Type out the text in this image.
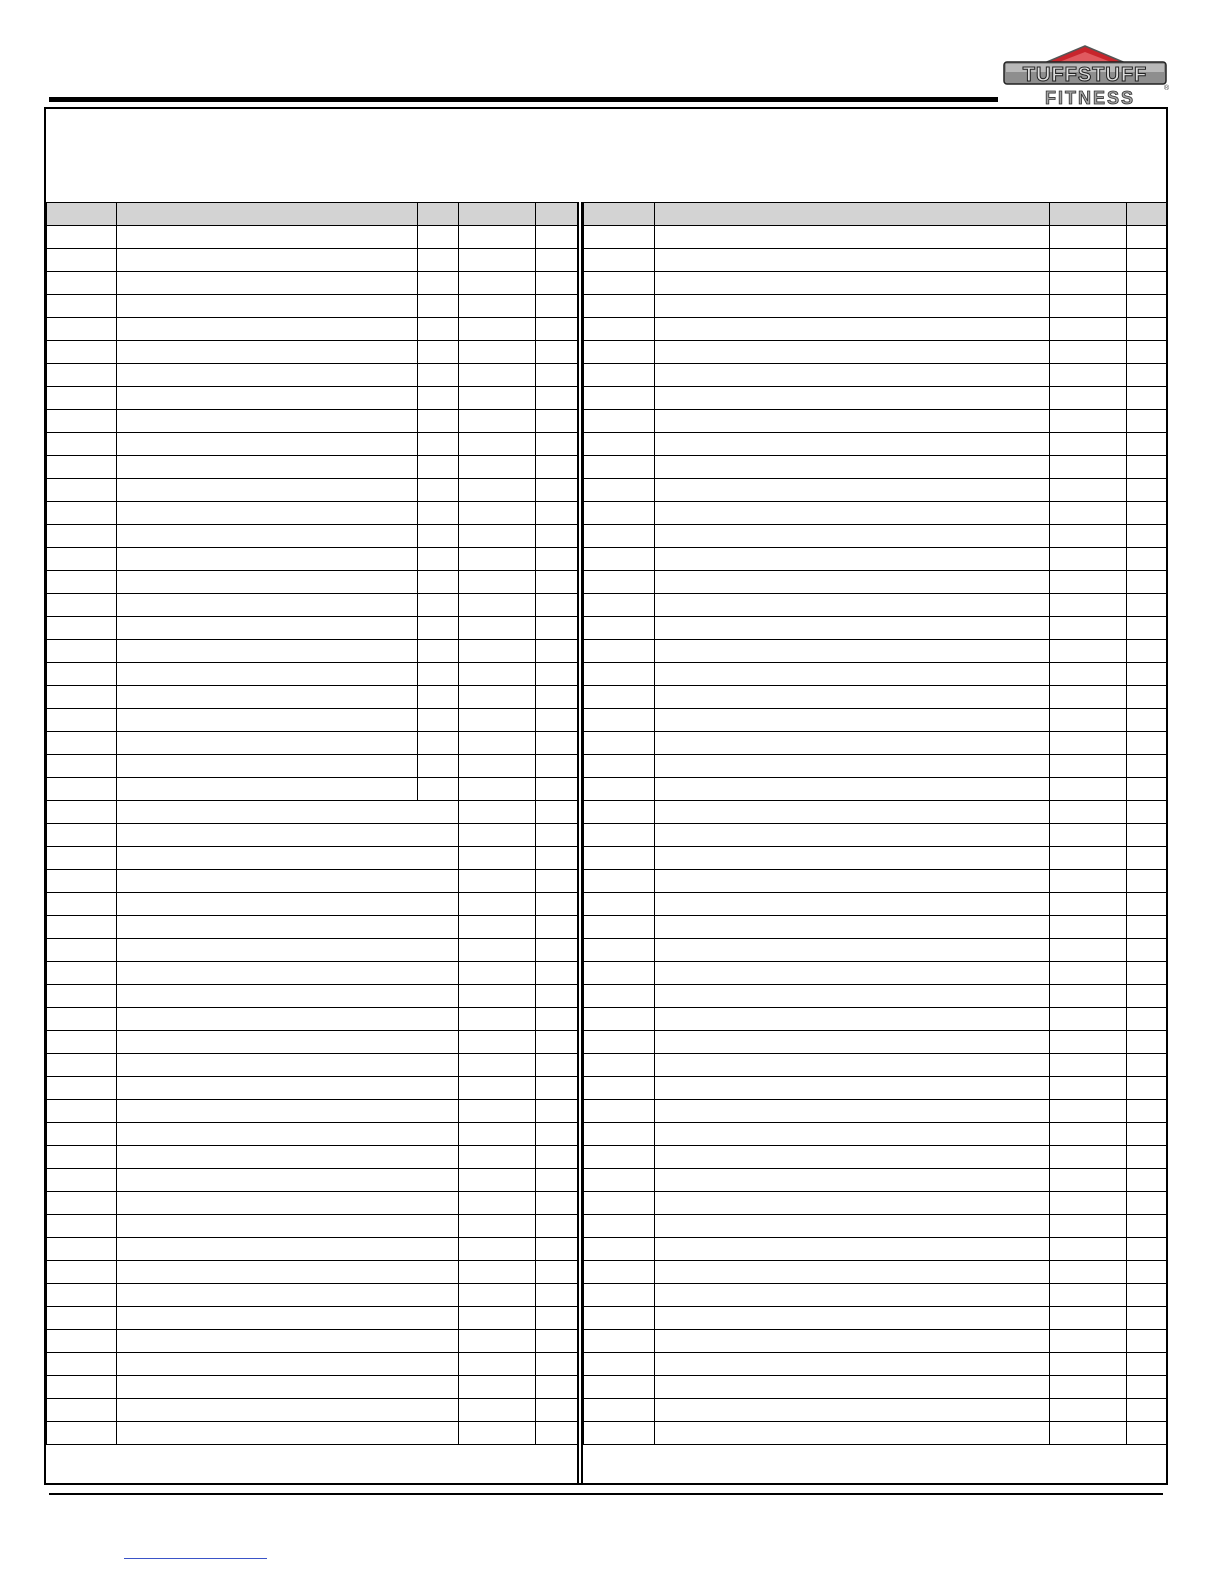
TUFFSTUFF
®
FITNESS
